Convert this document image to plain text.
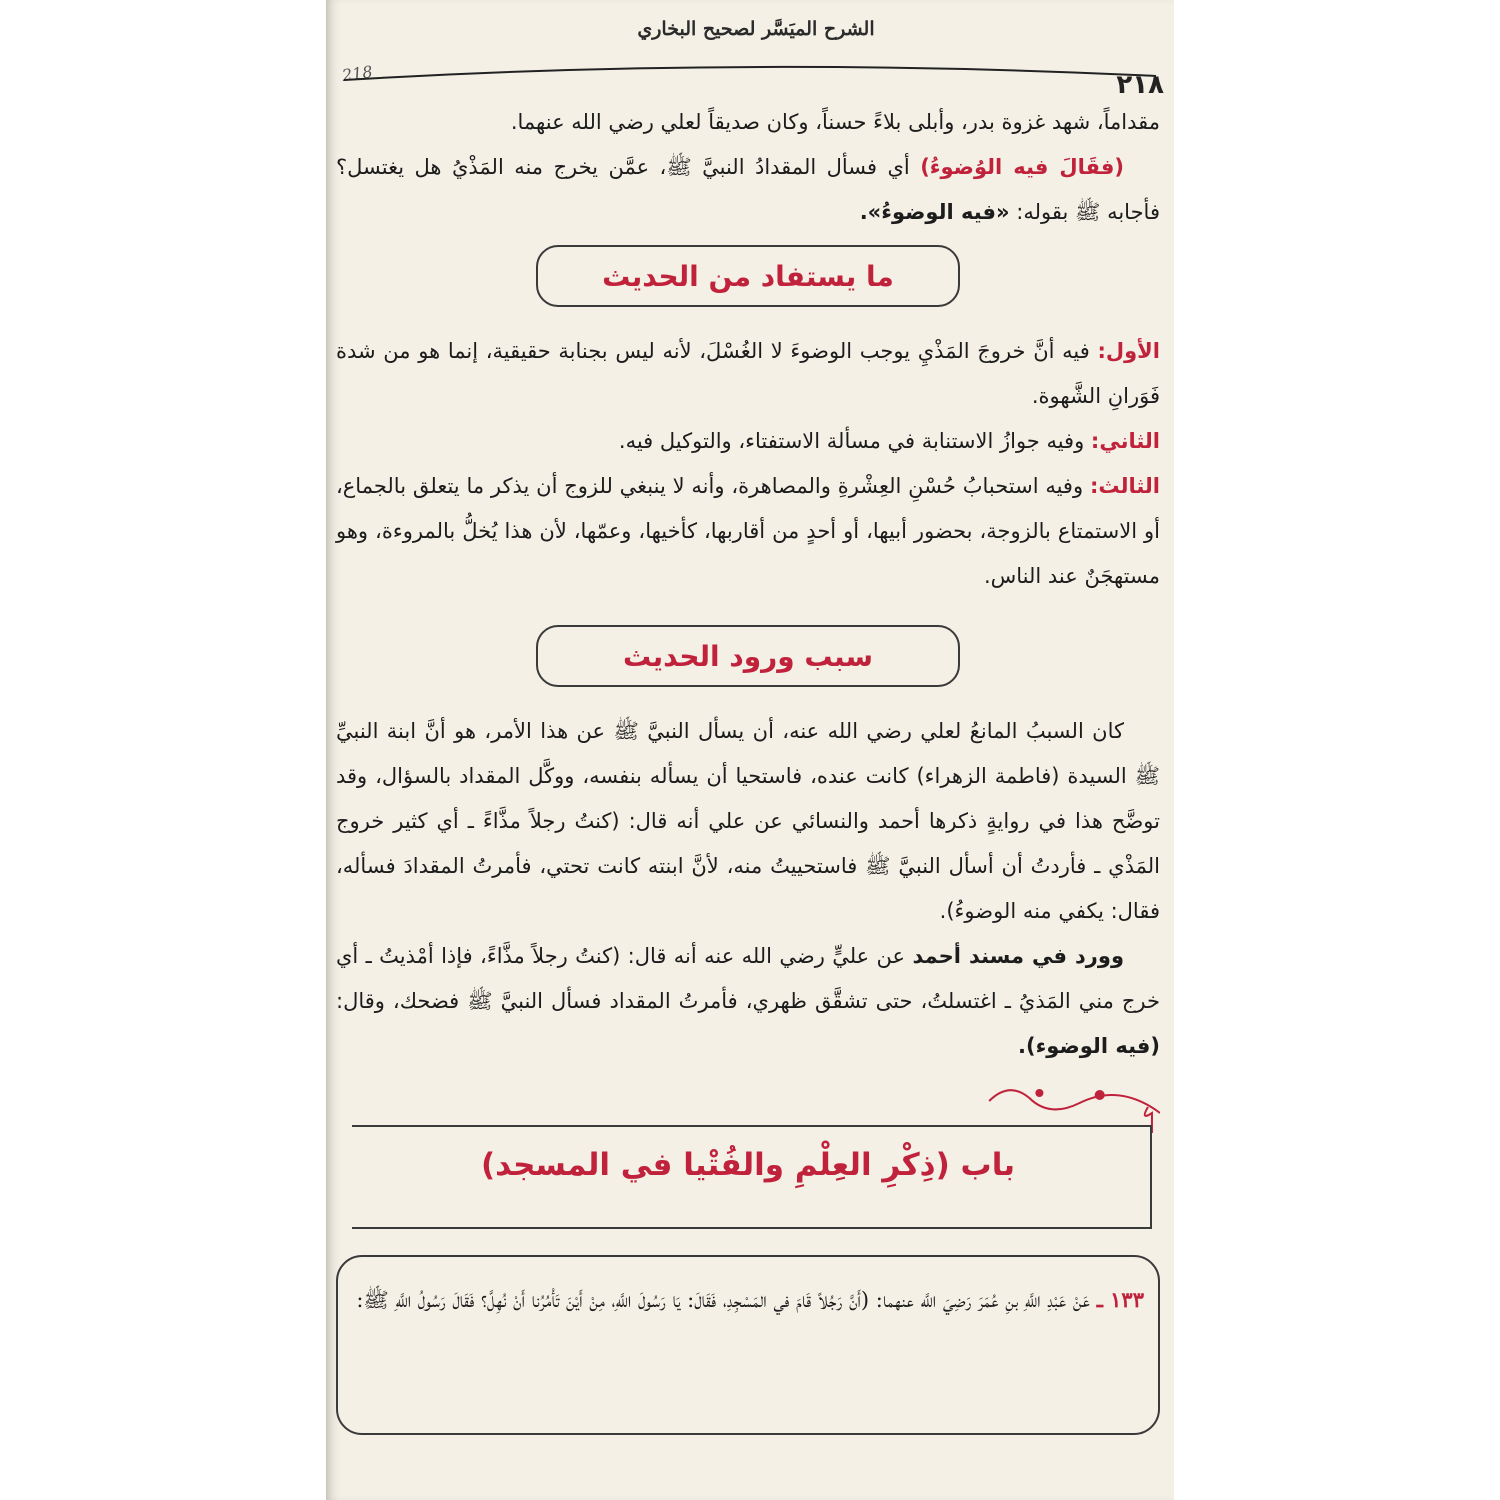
الشرح الميَسَّر لصحيح البخاري
218	٢١٨

مقداماً، شهد غزوة بدر، وأبلى بلاءً حسناً، وكان صديقاً لعلي رضي الله عنهما.

(فقَالَ فيه الوُضوءُ) أي فسأل المقدادُ النبيَّ ﷺ، عمَّن يخرج منه المَذْيُ هل يغتسل؟ فأجابه ﷺ بقوله: «فيه الوضوءُ».

ما يستفاد من الحديث

الأول: فيه أنَّ خروجَ المَذْيِ يوجب الوضوءَ لا الغُسْلَ، لأنه ليس بجنابة حقيقية، إنما هو من شدة فَوَرانِ الشَّهوة.

الثاني: وفيه جوازُ الاستنابة في مسألة الاستفتاء، والتوكيل فيه.

الثالث: وفيه استحبابُ حُسْنِ العِشْرةِ والمصاهرة، وأنه لا ينبغي للزوج أن يذكر ما يتعلق بالجماع، أو الاستمتاع بالزوجة، بحضور أبيها، أو أحدٍ من أقاربها، كأخيها، وعمّها، لأن هذا يُخلُّ بالمروءة، وهو مستهجَنٌ عند الناس.

سبب ورود الحديث

كان السببُ المانعُ لعلي رضي الله عنه، أن يسأل النبيَّ ﷺ عن هذا الأمر، هو أنَّ ابنة النبيِّ ﷺ السيدة (فاطمة الزهراء) كانت عنده، فاستحيا أن يسأله بنفسه، ووكَّل المقداد بالسؤال، وقد توضَّح هذا في روايةٍ ذكرها أحمد والنسائي عن علي أنه قال: (كنتُ رجلاً مذَّاءً ـ أي كثير خروج المَذْي ـ فأردتُ أن أسأل النبيَّ ﷺ فاستحييتُ منه، لأنَّ ابنته كانت تحتي، فأمرتُ المقدادَ فسأله، فقال: يكفي منه الوضوءُ).

وورد في مسند أحمد عن عليٍّ رضي الله عنه أنه قال: (كنتُ رجلاً مذَّاءً، فإذا أمْذيتُ ـ أي خرج مني المَذيُ ـ اغتسلتُ، حتى تشقَّق ظهري، فأمرتُ المقداد فسأل النبيَّ ﷺ فضحك، وقال: (فيه الوضوء).

باب (ذِكْرِ العِلْمِ والفُتْيا في المسجد)
١٣٣ ـ عَنْ عَبْدِ اللَّهِ بنِ عُمَرَ رَضِيَ اللَّه عنهما: (أَنَّ رَجُلاً قَامَ في المَسْجِدِ، فَقَالَ: يَا رَسُولَ اللَّهِ، مِنْ أَيْنَ تَأْمُرُنا أَنْ نُهِلَّ؟ فَقَالَ رَسُولُ اللَّهِ ﷺ:
